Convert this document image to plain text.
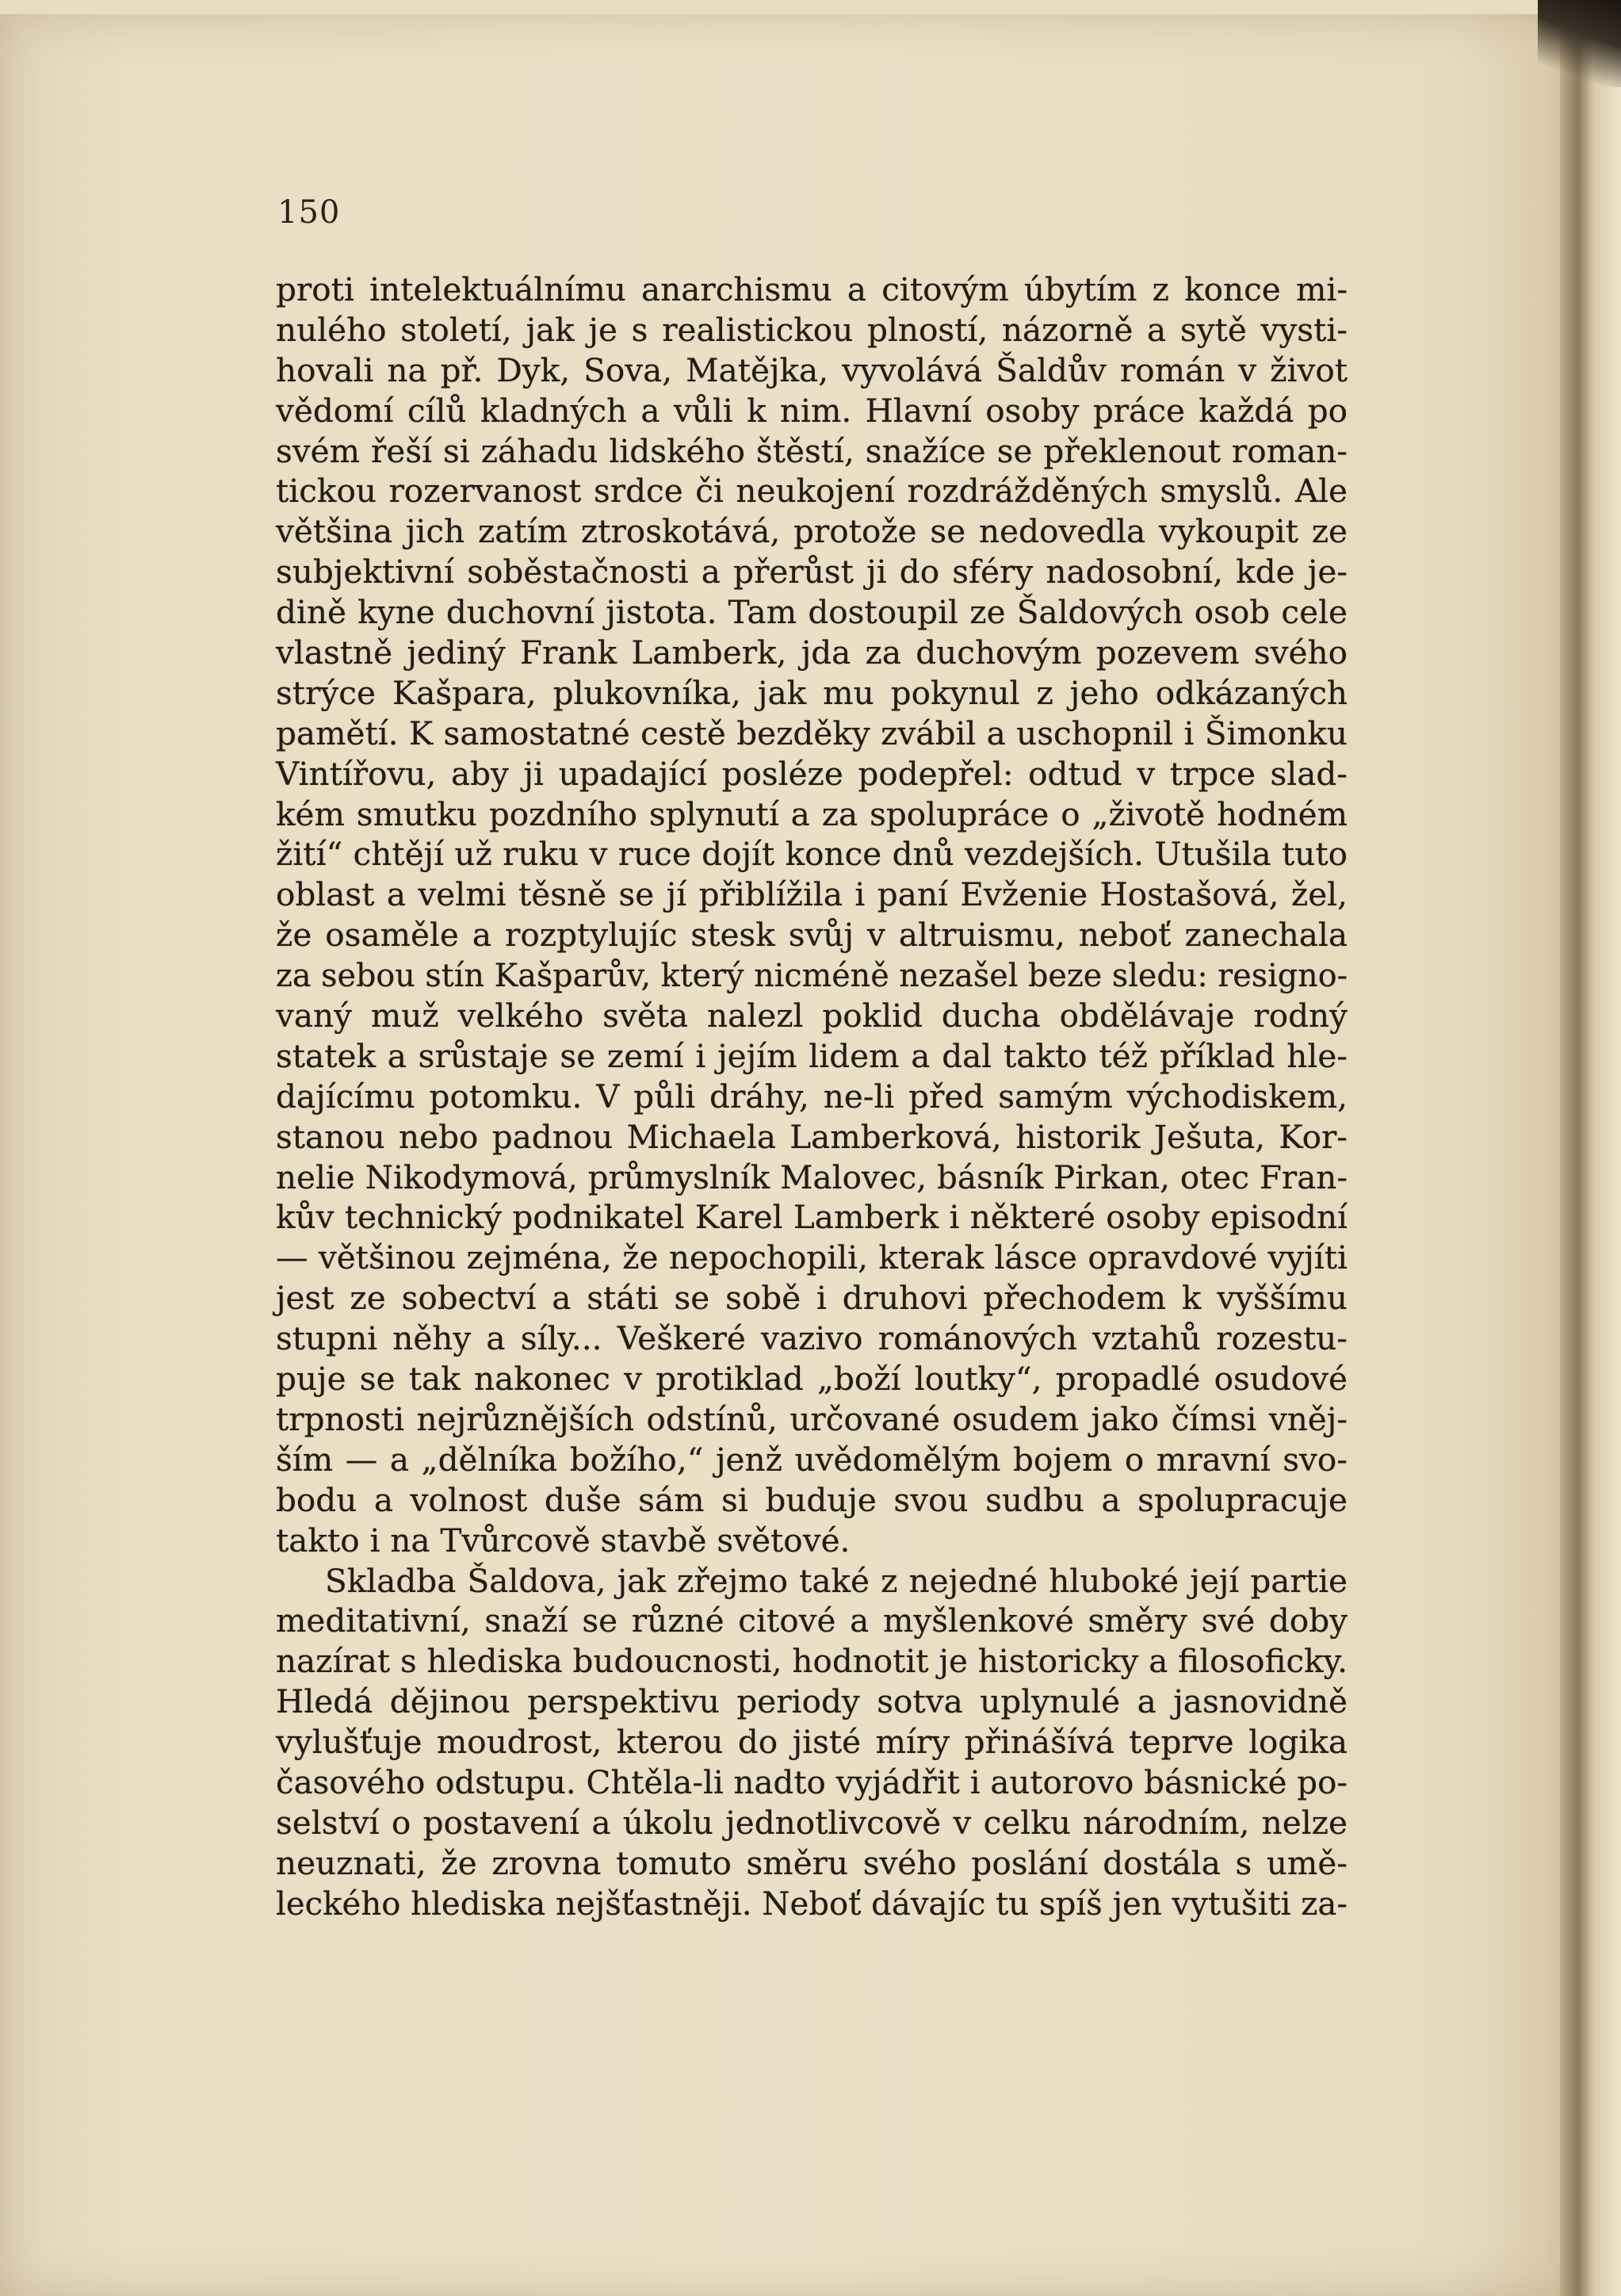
150
proti intelektuálnímu anarchismu a citovým úbytím z konce mi-
nulého století, jak je s realistickou plností, názorně a sytě vysti-
hovali na př. Dyk, Sova, Matějka, vyvolává Šaldův román v život
vědomí cílů kladných a vůli k nim. Hlavní osoby práce každá po
svém řeší si záhadu lidského štěstí, snažíce se překlenout roman-
tickou rozervanost srdce či neukojení rozdrážděných smyslů. Ale
většina jich zatím ztroskotává, protože se nedovedla vykoupit ze
subjektivní soběstačnosti a přerůst ji do sféry nadosobní, kde je-
dině kyne duchovní jistota. Tam dostoupil ze Šaldových osob cele
vlastně jediný Frank Lamberk, jda za duchovým pozevem svého
strýce Kašpara, plukovníka, jak mu pokynul z jeho odkázaných
pamětí. K samostatné cestě bezděky zvábil a uschopnil i Šimonku
Vintířovu, aby ji upadající posléze podepřel: odtud v trpce slad-
kém smutku pozdního splynutí a za spolupráce o „životě hodném
žití“ chtějí už ruku v ruce dojít konce dnů vezdejších. Utušila tuto
oblast a velmi těsně se jí přiblížila i paní Evženie Hostašová, žel,
že osaměle a rozptylujíc stesk svůj v altruismu, neboť zanechala
za sebou stín Kašparův, který nicméně nezašel beze sledu: resigno-
vaný muž velkého světa nalezl poklid ducha obdělávaje rodný
statek a srůstaje se zemí i jejím lidem a dal takto též příklad hle-
dajícímu potomku. V půli dráhy, ne-li před samým východiskem,
stanou nebo padnou Michaela Lamberková, historik Ješuta, Kor-
nelie Nikodymová, průmyslník Malovec, básník Pirkan, otec Fran-
kův technický podnikatel Karel Lamberk i některé osoby episodní
— většinou zejména, že nepochopili, kterak lásce opravdové vyjíti
jest ze sobectví a státi se sobě i druhovi přechodem k vyššímu
stupni něhy a síly... Veškeré vazivo románových vztahů rozestu-
puje se tak nakonec v protiklad „boží loutky“, propadlé osudové
trpnosti nejrůznějších odstínů, určované osudem jako čímsi vněj-
ším — a „dělníka božího,“ jenž uvědomělým bojem o mravní svo-
bodu a volnost duše sám si buduje svou sudbu a spolupracuje
takto i na Tvůrcově stavbě světové.
Skladba Šaldova, jak zřejmo také z nejedné hluboké její partie
meditativní, snaží se různé citové a myšlenkové směry své doby
nazírat s hlediska budoucnosti, hodnotit je historicky a filosoficky.
Hledá dějinou perspektivu periody sotva uplynulé a jasnovidně
vylušťuje moudrost, kterou do jisté míry přinášívá teprve logika
časového odstupu. Chtěla-li nadto vyjádřit i autorovo básnické po-
selství o postavení a úkolu jednotlivcově v celku národním, nelze
neuznati, že zrovna tomuto směru svého poslání dostála s umě-
leckého hlediska nejšťastněji. Neboť dávajíc tu spíš jen vytušiti za-
